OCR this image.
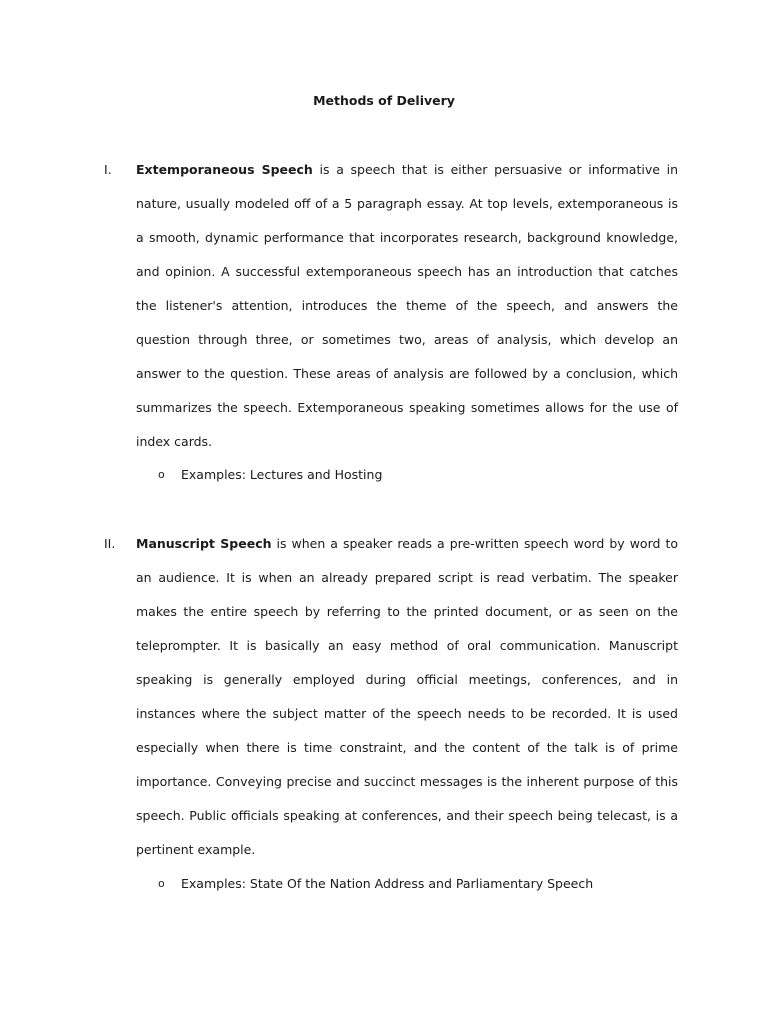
Methods of Delivery
I. Extemporaneous Speech is a speech that is either persuasive or informative in nature, usually modeled off of a 5 paragraph essay. At top levels, extemporaneous is a smooth, dynamic performance that incorporates research, background knowledge, and opinion. A successful extemporaneous speech has an introduction that catches the listener's attention, introduces the theme of the speech, and answers the question through three, or sometimes two, areas of analysis, which develop an answer to the question. These areas of analysis are followed by a conclusion, which summarizes the speech. Extemporaneous speaking sometimes allows for the use of index cards.
o Examples: Lectures and Hosting
II. Manuscript Speech is when a speaker reads a pre-written speech word by word to an audience. It is when an already prepared script is read verbatim. The speaker makes the entire speech by referring to the printed document, or as seen on the teleprompter. It is basically an easy method of oral communication. Manuscript speaking is generally employed during official meetings, conferences, and in instances where the subject matter of the speech needs to be recorded. It is used especially when there is time constraint, and the content of the talk is of prime importance. Conveying precise and succinct messages is the inherent purpose of this speech. Public officials speaking at conferences, and their speech being telecast, is a pertinent example.
o Examples: State Of the Nation Address and Parliamentary Speech
